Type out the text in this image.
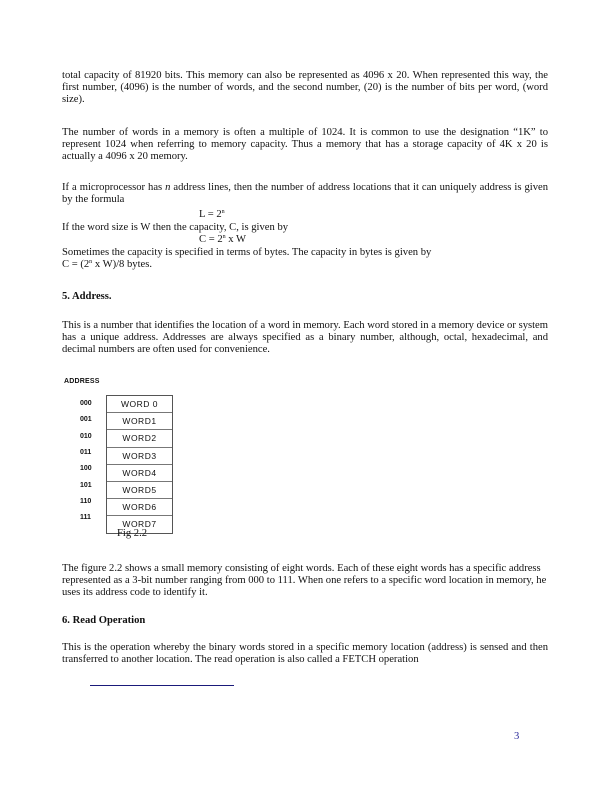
total capacity of 81920 bits. This memory can also be represented as 4096 x 20. When represented this way, the first number, (4096) is the number of words, and the second number, (20) is the number of bits per word, (word size).
The number of words in a memory is often a multiple of 1024. It is common to use the designation “1K” to represent 1024 when referring to memory capacity. Thus a memory that has a storage capacity of 4K x 20 is actually a 4096 x 20 memory.
If a microprocessor has n address lines, then the number of address locations that it can uniquely address is given by the formula
$L = 2^n$
If the word size is W then the capacity, C, is given by
$C = 2^n$ x W
Sometimes the capacity is specified in terms of bytes. The capacity in bytes is given by
$C = (2^n$ x W)/8 bytes.
5. Address.
This is a number that identifies the location of a word in memory. Each word stored in a memory device or system has a unique address. Addresses are always specified as a binary number, although, octal, hexadecimal, and decimal numbers are often used for convenience.
ADDRESS
000
001
010
011
100
101
110
111
WORD 0
WORD1
WORD2
WORD3
WORD4
WORD5
WORD6
WORD7
Fig 2.2
The figure 2.2 shows a small memory consisting of eight words. Each of these eight words has a specific address represented as a 3-bit number ranging from 000 to 111. When one refers to a specific word location in memory, he uses its address code to identify it.
6. Read Operation
This is the operation whereby the binary words stored in a specific memory location (address) is sensed and then transferred to another location. The read operation is also called a FETCH operation
3
